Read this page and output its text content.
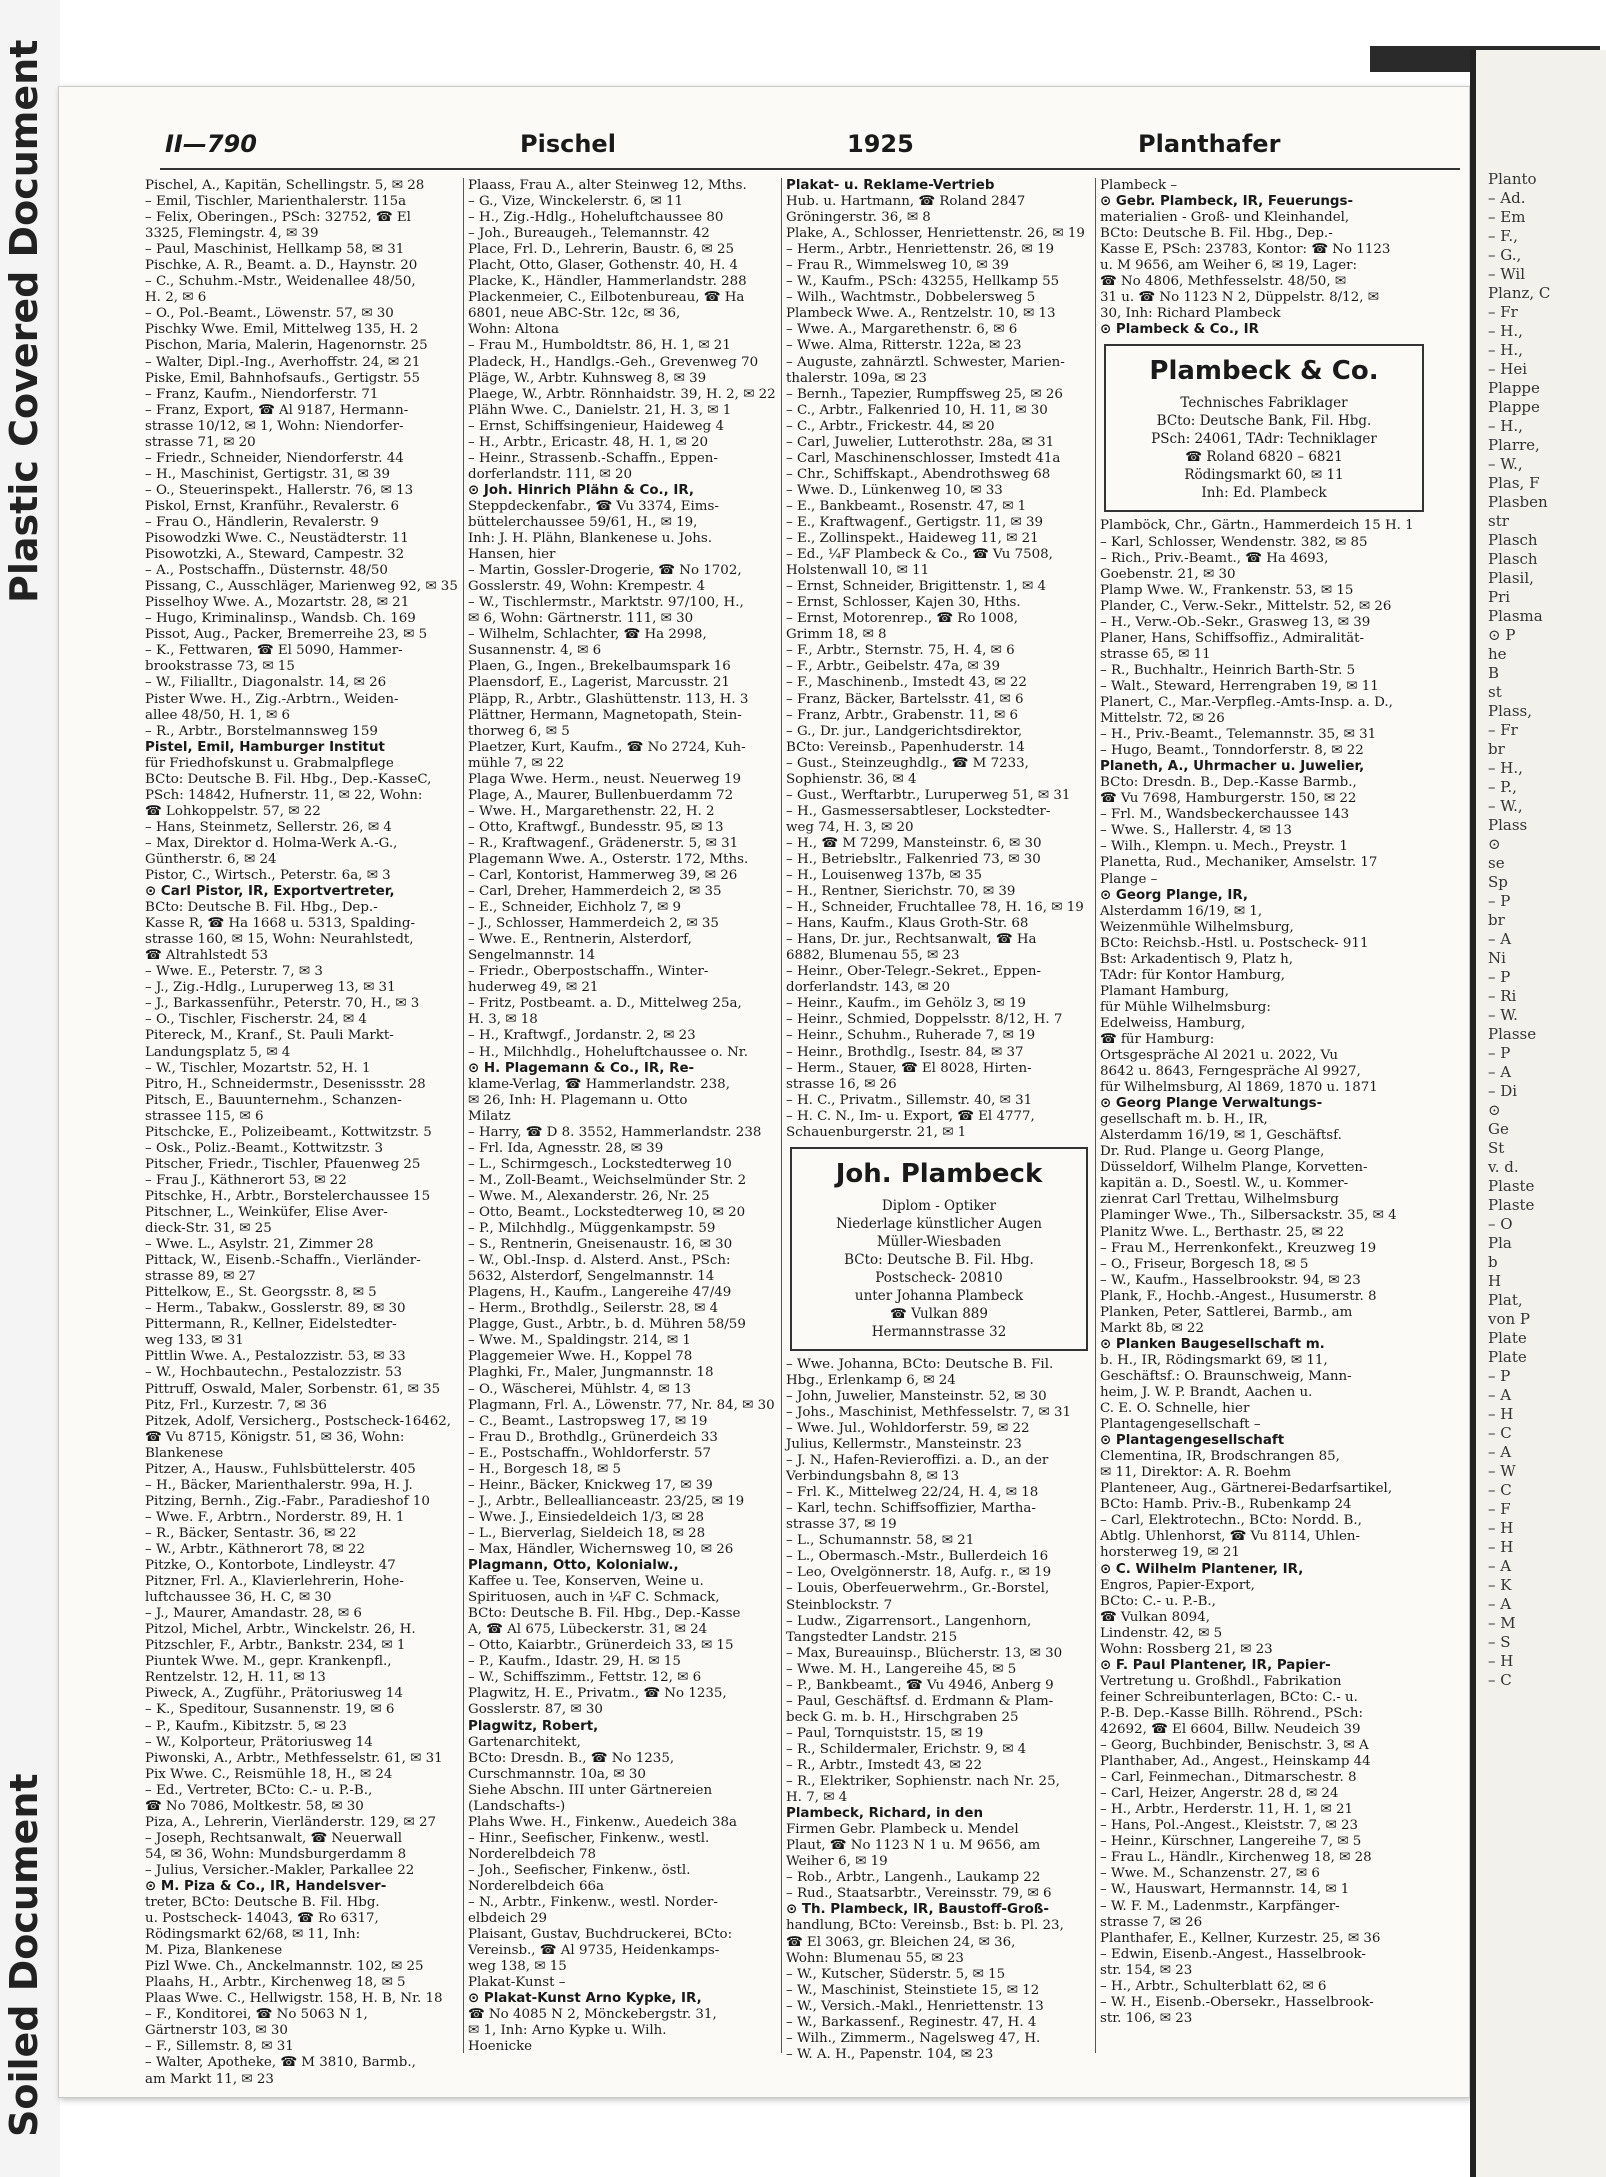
Soiled Document
Plastic Covered Document	Planto
– Ad.
– Em
– F.,
– G.,
– Wil
Planz, C
– Fr
– H.,
– H.,
– Hei
Plappe
Plappe
– H.,
Plarre,
– W.,
Plas, F
Plasben
str
Plasch
Plasch
Plasil,
Pri
Plasma
⊙ P
he
B
st
Plass,
– Fr
br
– H.,
– P.,
– W.,
Plass
⊙
se
Sp
– P
br
– A
Ni
– P
– Ri
– W.
Plasse
– P
– A
– Di
⊙
Ge
St
v. d.
Plaste
Plaste
– O
Pla
b
H
Plat,
von P
Plate
Plate
– P
– A
– H
– C
– A
– W
– C
– F
– H
– H
– A
– K
– A
– M
– S
– H
– C
II—790	Pischel	1925	Planthafer
Pischel, A., Kapitän, Schellingstr. 5, ✉ 28
– Emil, Tischler, Marienthalerstr. 115a
– Felix, Oberingen., PSch: 32752, ☎ El
3325, Flemingstr. 4, ✉ 39
– Paul, Maschinist, Hellkamp 58, ✉ 31
Pischke, A. R., Beamt. a. D., Haynstr. 20
– C., Schuhm.-Mstr., Weidenallee 48/50,
H. 2, ✉ 6
– O., Pol.-Beamt., Löwenstr. 57, ✉ 30
Pischky Wwe. Emil, Mittelweg 135, H. 2
Pischon, Maria, Malerin, Hagenornstr. 25
– Walter, Dipl.-Ing., Averhoffstr. 24, ✉ 21
Piske, Emil, Bahnhofsaufs., Gertigstr. 55
– Franz, Kaufm., Niendorferstr. 71
– Franz, Export, ☎ Al 9187, Hermann-
strasse 10/12, ✉ 1, Wohn: Niendorfer-
strasse 71, ✉ 20
– Friedr., Schneider, Niendorferstr. 44
– H., Maschinist, Gertigstr. 31, ✉ 39
– O., Steuerinspekt., Hallerstr. 76, ✉ 13
Piskol, Ernst, Kranführ., Revalerstr. 6
– Frau O., Händlerin, Revalerstr. 9
Pisowodzki Wwe. C., Neustädterstr. 11
Pisowotzki, A., Steward, Campestr. 32
– A., Postschaffn., Düsternstr. 48/50
Pissang, C., Ausschläger, Marienweg 92, ✉ 35
Pisselhoy Wwe. A., Mozartstr. 28, ✉ 21
– Hugo, Kriminalinsp., Wandsb. Ch. 169
Pissot, Aug., Packer, Bremerreihe 23, ✉ 5
– K., Fettwaren, ☎ El 5090, Hammer-
brookstrasse 73, ✉ 15
– W., Filialltr., Diagonalstr. 14, ✉ 26
Pister Wwe. H., Zig.-Arbtrn., Weiden-
allee 48/50, H. 1, ✉ 6
– R., Arbtr., Borstelmannsweg 159
Pistel, Emil, Hamburger Institut
für Friedhofskunst u. Grabmalpflege
BCto: Deutsche B. Fil. Hbg., Dep.-KasseC,
PSch: 14842, Hufnerstr. 11, ✉ 22, Wohn:
☎ Lohkoppelstr. 57, ✉ 22
– Hans, Steinmetz, Sellerstr. 26, ✉ 4
– Max, Direktor d. Holma-Werk A.-G.,
Güntherstr. 6, ✉ 24
Pistor, C., Wirtsch., Peterstr. 6a, ✉ 3
⊙ Carl Pistor, IR, Exportvertreter,
BCto: Deutsche B. Fil. Hbg., Dep.-
Kasse R, ☎ Ha 1668 u. 5313, Spalding-
strasse 160, ✉ 15, Wohn: Neurahlstedt,
☎ Altrahlstedt 53
– Wwe. E., Peterstr. 7, ✉ 3
– J., Zig.-Hdlg., Luruperweg 13, ✉ 31
– J., Barkassenführ., Peterstr. 70, H., ✉ 3
– O., Tischler, Fischerstr. 24, ✉ 4
Pitereck, M., Kranf., St. Pauli Markt-
Landungsplatz 5, ✉ 4
– W., Tischler, Mozartstr. 52, H. 1
Pitro, H., Schneidermstr., Desenissstr. 28
Pitsch, E., Bauunternehm., Schanzen-
strassee 115, ✉ 6
Pitschcke, E., Polizeibeamt., Kottwitzstr. 5
– Osk., Poliz.-Beamt., Kottwitzstr. 3
Pitscher, Friedr., Tischler, Pfauenweg 25
– Frau J., Käthnerort 53, ✉ 22
Pitschke, H., Arbtr., Borstelerchaussee 15
Pitschner, L., Weinküfer, Elise Aver-
dieck-Str. 31, ✉ 25
– Wwe. L., Asylstr. 21, Zimmer 28
Pittack, W., Eisenb.-Schaffn., Vierländer-
strasse 89, ✉ 27
Pittelkow, E., St. Georgsstr. 8, ✉ 5
– Herm., Tabakw., Gosslerstr. 89, ✉ 30
Pittermann, R., Kellner, Eidelstedter-
weg 133, ✉ 31
Pittlin Wwe. A., Pestalozzistr. 53, ✉ 33
– W., Hochbautechn., Pestalozzistr. 53
Pittruff, Oswald, Maler, Sorbenstr. 61, ✉ 35
Pitz, Frl., Kurzestr. 7, ✉ 36
Pitzek, Adolf, Versicherg., Postscheck-16462,
☎ Vu 8715, Königstr. 51, ✉ 36, Wohn:
Blankenese
Pitzer, A., Hausw., Fuhlsbüttelerstr. 405
– H., Bäcker, Marienthalerstr. 99a, H. J.
Pitzing, Bernh., Zig.-Fabr., Paradieshof 10
– Wwe. F., Arbtrn., Norderstr. 89, H. 1
– R., Bäcker, Sentastr. 36, ✉ 22
– W., Arbtr., Käthnerort 78, ✉ 22
Pitzke, O., Kontorbote, Lindleystr. 47
Pitzner, Frl. A., Klavierlehrerin, Hohe-
luftchaussee 36, H. C, ✉ 30
– J., Maurer, Amandastr. 28, ✉ 6
Pitzol, Michel, Arbtr., Winckelstr. 26, H.
Pitzschler, F., Arbtr., Bankstr. 234, ✉ 1
Piuntek Wwe. M., gepr. Krankenpfl.,
Rentzelstr. 12, H. 11, ✉ 13
Piweck, A., Zugführ., Prätoriusweg 14
– K., Speditour, Susannenstr. 19, ✉ 6
– P., Kaufm., Kibitzstr. 5, ✉ 23
– W., Kolporteur, Prätoriusweg 14
Piwonski, A., Arbtr., Methfesselstr. 61, ✉ 31
Pix Wwe. C., Reismühle 18, H., ✉ 24
– Ed., Vertreter, BCto: C.- u. P.-B.,
☎ No 7086, Moltkestr. 58, ✉ 30
Piza, A., Lehrerin, Vierländerstr. 129, ✉ 27
– Joseph, Rechtsanwalt, ☎ Neuerwall
54, ✉ 36, Wohn: Mundsburgerdamm 8
– Julius, Versicher.-Makler, Parkallee 22
⊙ M. Piza & Co., IR, Handelsver-
treter, BCto: Deutsche B. Fil. Hbg.
u. Postscheck- 14043, ☎ Ro 6317,
Rödingsmarkt 62/68, ✉ 11, Inh:
M. Piza, Blankenese
Pizl Wwe. Ch., Anckelmannstr. 102, ✉ 25
Plaahs, H., Arbtr., Kirchenweg 18, ✉ 5
Plaas Wwe. C., Hellwigstr. 158, H. B, Nr. 18
– F., Konditorei, ☎ No 5063 N 1,
Gärtnerstr 103, ✉ 30
– F., Sillemstr. 8, ✉ 31
– Walter, Apotheke, ☎ M 3810, Barmb.,
am Markt 11, ✉ 23
Plaass, Frau A., alter Steinweg 12, Mths.
– G., Vize, Winckelerstr. 6, ✉ 11
– H., Zig.-Hdlg., Hoheluftchaussee 80
– Joh., Bureaugeh., Telemannstr. 42
Place, Frl. D., Lehrerin, Baustr. 6, ✉ 25
Placht, Otto, Glaser, Gothenstr. 40, H. 4
Placke, K., Händler, Hammerlandstr. 288
Plackenmeier, C., Eilbotenbureau, ☎ Ha
6801, neue ABC-Str. 12c, ✉ 36,
Wohn: Altona
– Frau M., Humboldtstr. 86, H. 1, ✉ 21
Pladeck, H., Handlgs.-Geh., Grevenweg 70
Pläge, W., Arbtr. Kuhnsweg 8, ✉ 39
Plaege, W., Arbtr. Rönnhaidstr. 39, H. 2, ✉ 22
Plähn Wwe. C., Danielstr. 21, H. 3, ✉ 1
– Ernst, Schiffsingenieur, Haideweg 4
– H., Arbtr., Ericastr. 48, H. 1, ✉ 20
– Heinr., Strassenb.-Schaffn., Eppen-
dorferlandstr. 111, ✉ 20
⊙ Joh. Hinrich Plähn & Co., IR,
Steppdeckenfabr., ☎ Vu 3374, Eims-
büttelerchaussee 59/61, H., ✉ 19,
Inh: J. H. Plähn, Blankenese u. Johs.
Hansen, hier
– Martin, Gossler-Drogerie, ☎ No 1702,
Gosslerstr. 49, Wohn: Krempestr. 4
– W., Tischlermstr., Marktstr. 97/100, H.,
✉ 6, Wohn: Gärtnerstr. 111, ✉ 30
– Wilhelm, Schlachter, ☎ Ha 2998,
Susannenstr. 4, ✉ 6
Plaen, G., Ingen., Brekelbaumspark 16
Plaensdorf, E., Lagerist, Marcusstr. 21
Pläpp, R., Arbtr., Glashüttenstr. 113, H. 3
Plättner, Hermann, Magnetopath, Stein-
thorweg 6, ✉ 5
Plaetzer, Kurt, Kaufm., ☎ No 2724, Kuh-
mühle 7, ✉ 22
Plaga Wwe. Herm., neust. Neuerweg 19
Plage, A., Maurer, Bullenbuerdamm 72
– Wwe. H., Margarethenstr. 22, H. 2
– Otto, Kraftwgf., Bundesstr. 95, ✉ 13
– R., Kraftwagenf., Grädenerstr. 5, ✉ 31
Plagemann Wwe. A., Osterstr. 172, Mths.
– Carl, Kontorist, Hammerweg 39, ✉ 26
– Carl, Dreher, Hammerdeich 2, ✉ 35
– E., Schneider, Eichholz 7, ✉ 9
– J., Schlosser, Hammerdeich 2, ✉ 35
– Wwe. E., Rentnerin, Alsterdorf,
Sengelmannstr. 14
– Friedr., Oberpostschaffn., Winter-
huderweg 49, ✉ 21
– Fritz, Postbeamt. a. D., Mittelweg 25a,
H. 3, ✉ 18
– H., Kraftwgf., Jordanstr. 2, ✉ 23
– H., Milchhdlg., Hoheluftchaussee o. Nr.
⊙ H. Plagemann & Co., IR, Re-
klame-Verlag, ☎ Hammerlandstr. 238,
✉ 26, Inh: H. Plagemann u. Otto
Milatz
– Harry, ☎ D 8. 3552, Hammerlandstr. 238
– Frl. Ida, Agnesstr. 28, ✉ 39
– L., Schirmgesch., Lockstedterweg 10
– M., Zoll-Beamt., Weichselmünder Str. 2
– Wwe. M., Alexanderstr. 26, Nr. 25
– Otto, Beamt., Lockstedterweg 10, ✉ 20
– P., Milchhdlg., Müggenkampstr. 59
– S., Rentnerin, Gneisenaustr. 16, ✉ 30
– W., Obl.-Insp. d. Alsterd. Anst., PSch:
5632, Alsterdorf, Sengelmannstr. 14
Plagens, H., Kaufm., Langereihe 47/49
– Herm., Brothdlg., Seilerstr. 28, ✉ 4
Plagge, Gust., Arbtr., b. d. Mühren 58/59
– Wwe. M., Spaldingstr. 214, ✉ 1
Plaggemeier Wwe. H., Koppel 78
Plaghki, Fr., Maler, Jungmannstr. 18
– O., Wäscherei, Mühlstr. 4, ✉ 13
Plagmann, Frl. A., Löwenstr. 77, Nr. 84, ✉ 30
– C., Beamt., Lastropsweg 17, ✉ 19
– Frau D., Brothdlg., Grünerdeich 33
– E., Postschaffn., Wohldorferstr. 57
– H., Borgesch 18, ✉ 5
– Heinr., Bäcker, Knickweg 17, ✉ 39
– J., Arbtr., Belleallianceastr. 23/25, ✉ 19
– Wwe. J., Einsiedeldeich 1/3, ✉ 28
– L., Bierverlag, Sieldeich 18, ✉ 28
– Max, Händler, Wichernsweg 10, ✉ 26
Plagmann, Otto, Kolonialw.,
Kaffee u. Tee, Konserven, Weine u.
Spirituosen, auch in ¼F C. Schmack,
BCto: Deutsche B. Fil. Hbg., Dep.-Kasse
A, ☎ Al 675, Lübeckerstr. 31, ✉ 24
– Otto, Kaiarbtr., Grünerdeich 33, ✉ 15
– P., Kaufm., Idastr. 29, H. ✉ 15
– W., Schiffszimm., Fettstr. 12, ✉ 6
Plagwitz, H. E., Privatm., ☎ No 1235,
Gosslerstr. 87, ✉ 30
Plagwitz, Robert,
Gartenarchitekt,
BCto: Dresdn. B., ☎ No 1235,
Curschmannstr. 10a, ✉ 30
Siehe Abschn. III unter Gärtnereien
(Landschafts-)
Plahs Wwe. H., Finkenw., Auedeich 38a
– Hinr., Seefischer, Finkenw., westl.
Norderelbdeich 78
– Joh., Seefischer, Finkenw., östl.
Norderelbdeich 66a
– N., Arbtr., Finkenw., westl. Norder-
elbdeich 29
Plaisant, Gustav, Buchdruckerei, BCto:
Vereinsb., ☎ Al 9735, Heidenkamps-
weg 138, ✉ 15
Plakat-Kunst –
⊙ Plakat-Kunst Arno Kypke, IR,
☎ No 4085 N 2, Mönckebergstr. 31,
✉ 1, Inh: Arno Kypke u. Wilh.
Hoenicke
Plakat- u. Reklame-Vertrieb
Hub. u. Hartmann, ☎ Roland 2847
Gröningerstr. 36, ✉ 8
Plake, A., Schlosser, Henriettenstr. 26, ✉ 19
– Herm., Arbtr., Henriettenstr. 26, ✉ 19
– Frau R., Wimmelsweg 10, ✉ 39
– W., Kaufm., PSch: 43255, Hellkamp 55
– Wilh., Wachtmstr., Dobbelersweg 5
Plambeck Wwe. A., Rentzelstr. 10, ✉ 13
– Wwe. A., Margarethenstr. 6, ✉ 6
– Wwe. Alma, Ritterstr. 122a, ✉ 23
– Auguste, zahnärztl. Schwester, Marien-
thalerstr. 109a, ✉ 23
– Bernh., Tapezier, Rumpffsweg 25, ✉ 26
– C., Arbtr., Falkenried 10, H. 11, ✉ 30
– C., Arbtr., Frickestr. 44, ✉ 20
– Carl, Juwelier, Lutterothstr. 28a, ✉ 31
– Carl, Maschinenschlosser, Imstedt 41a
– Chr., Schiffskapt., Abendrothsweg 68
– Wwe. D., Lünkenweg 10, ✉ 33
– E., Bankbeamt., Rosenstr. 47, ✉ 1
– E., Kraftwagenf., Gertigstr. 11, ✉ 39
– E., Zollinspekt., Haideweg 11, ✉ 21
– Ed., ¼F Plambeck & Co., ☎ Vu 7508,
Holstenwall 10, ✉ 11
– Ernst, Schneider, Brigittenstr. 1, ✉ 4
– Ernst, Schlosser, Kajen 30, Hths.
– Ernst, Motorenrep., ☎ Ro 1008,
Grimm 18, ✉ 8
– F., Arbtr., Sternstr. 75, H. 4, ✉ 6
– F., Arbtr., Geibelstr. 47a, ✉ 39
– F., Maschinenb., Imstedt 43, ✉ 22
– Franz, Bäcker, Bartelsstr. 41, ✉ 6
– Franz, Arbtr., Grabenstr. 11, ✉ 6
– G., Dr. jur., Landgerichtsdirektor,
BCto: Vereinsb., Papenhuderstr. 14
– Gust., Steinzeughdlg., ☎ M 7233,
Sophienstr. 36, ✉ 4
– Gust., Werftarbtr., Luruperweg 51, ✉ 31
– H., Gasmessersabtleser, Lockstedter-
weg 74, H. 3, ✉ 20
– H., ☎ M 7299, Mansteinstr. 6, ✉ 30
– H., Betriebsltr., Falkenried 73, ✉ 30
– H., Louisenweg 137b, ✉ 35
– H., Rentner, Sierichstr. 70, ✉ 39
– H., Schneider, Fruchtallee 78, H. 16, ✉ 19
– Hans, Kaufm., Klaus Groth-Str. 68
– Hans, Dr. jur., Rechtsanwalt, ☎ Ha
6882, Blumenau 55, ✉ 23
– Heinr., Ober-Telegr.-Sekret., Eppen-
dorferlandstr. 143, ✉ 20
– Heinr., Kaufm., im Gehölz 3, ✉ 19
– Heinr., Schmied, Doppelsstr. 8/12, H. 7
– Heinr., Schuhm., Ruherade 7, ✉ 19
– Heinr., Brothdlg., Isestr. 84, ✉ 37
– Herm., Stauer, ☎ El 8028, Hirten-
strasse 16, ✉ 26
– H. C., Privatm., Sillemstr. 40, ✉ 31
– H. C. N., Im- u. Export, ☎ El 4777,
Schauenburgerstr. 21, ✉ 1
Joh. Plambeck
Diplom - Optiker
Niederlage künstlicher Augen
Müller-Wiesbaden
BCto: Deutsche B. Fil. Hbg.
Postscheck- 20810
unter Johanna Plambeck
☎ Vulkan 889
Hermannstrasse 32
– Wwe. Johanna, BCto: Deutsche B. Fil.
Hbg., Erlenkamp 6, ✉ 24
– John, Juwelier, Mansteinstr. 52, ✉ 30
– Johs., Maschinist, Methfesselstr. 7, ✉ 31
– Wwe. Jul., Wohldorferstr. 59, ✉ 22
Julius, Kellermstr., Mansteinstr. 23
– J. N., Hafen-Revieroffizi. a. D., an der
Verbindungsbahn 8, ✉ 13
– Frl. K., Mittelweg 22/24, H. 4, ✉ 18
– Karl, techn. Schiffsoffizier, Martha-
strasse 37, ✉ 19
– L., Schumannstr. 58, ✉ 21
– L., Obermasch.-Mstr., Bullerdeich 16
– Leo, Ovelgönnerstr. 18, Aufg. r., ✉ 19
– Louis, Oberfeuerwehrm., Gr.-Borstel,
Steinblockstr. 7
– Ludw., Zigarrensort., Langenhorn,
Tangstedter Landstr. 215
– Max, Bureauinsp., Blücherstr. 13, ✉ 30
– Wwe. M. H., Langereihe 45, ✉ 5
– P., Bankbeamt., ☎ Vu 4946, Anberg 9
– Paul, Geschäftsf. d. Erdmann & Plam-
beck G. m. b. H., Hirschgraben 25
– Paul, Tornquiststr. 15, ✉ 19
– R., Schildermaler, Erichstr. 9, ✉ 4
– R., Arbtr., Imstedt 43, ✉ 22
– R., Elektriker, Sophienstr. nach Nr. 25,
H. 7, ✉ 4
Plambeck, Richard, in den
Firmen Gebr. Plambeck u. Mendel
Plaut, ☎ No 1123 N 1 u. M 9656, am
Weiher 6, ✉ 19
– Rob., Arbtr., Langenh., Laukamp 22
– Rud., Staatsarbtr., Vereinsstr. 79, ✉ 6
⊙ Th. Plambeck, IR, Baustoff-Groß-
handlung, BCto: Vereinsb., Bst: b. Pl. 23,
☎ El 3063, gr. Bleichen 24, ✉ 36,
Wohn: Blumenau 55, ✉ 23
– W., Kutscher, Süderstr. 5, ✉ 15
– W., Maschinist, Steinstiete 15, ✉ 12
– W., Versich.-Makl., Henriettenstr. 13
– W., Barkassenf., Reginestr. 47, H. 4
– Wilh., Zimmerm., Nagelsweg 47, H.
– W. A. H., Papenstr. 104, ✉ 23
Plambeck –
⊙ Gebr. Plambeck, IR, Feuerungs-
materialien - Groß- und Kleinhandel,
BCto: Deutsche B. Fil. Hbg., Dep.-
Kasse E, PSch: 23783, Kontor: ☎ No 1123
u. M 9656, am Weiher 6, ✉ 19, Lager:
☎ No 4806, Methfesselstr. 48/50, ✉
31 u. ☎ No 1123 N 2, Düppelstr. 8/12, ✉
30, Inh: Richard Plambeck
⊙ Plambeck & Co., IR
Plambeck & Co.
Technisches Fabriklager
BCto: Deutsche Bank, Fil. Hbg.
PSch: 24061, TAdr: Techniklager
☎ Roland 6820 – 6821
Rödingsmarkt 60, ✉ 11
Inh: Ed. Plambeck
Plamböck, Chr., Gärtn., Hammerdeich 15 H. 1
– Karl, Schlosser, Wendenstr. 382, ✉ 85
– Rich., Priv.-Beamt., ☎ Ha 4693,
Goebenstr. 21, ✉ 30
Plamp Wwe. W., Frankenstr. 53, ✉ 15
Plander, C., Verw.-Sekr., Mittelstr. 52, ✉ 26
– H., Verw.-Ob.-Sekr., Grasweg 13, ✉ 39
Planer, Hans, Schiffsoffiz., Admiralität-
strasse 65, ✉ 11
– R., Buchhaltr., Heinrich Barth-Str. 5
– Walt., Steward, Herrengraben 19, ✉ 11
Planert, C., Mar.-Verpfleg.-Amts-Insp. a. D.,
Mittelstr. 72, ✉ 26
– H., Priv.-Beamt., Telemannstr. 35, ✉ 31
– Hugo, Beamt., Tonndorferstr. 8, ✉ 22
Planeth, A., Uhrmacher u. Juwelier,
BCto: Dresdn. B., Dep.-Kasse Barmb.,
☎ Vu 7698, Hamburgerstr. 150, ✉ 22
– Frl. M., Wandsbeckerchaussee 143
– Wwe. S., Hallerstr. 4, ✉ 13
– Wilh., Klempn. u. Mech., Preystr. 1
Planetta, Rud., Mechaniker, Amselstr. 17
Plange –
⊙ Georg Plange, IR,
Alsterdamm 16/19, ✉ 1,
Weizenmühle Wilhelmsburg,
BCto: Reichsb.-Hstl. u. Postscheck- 911
Bst: Arkadentisch 9, Platz h,
TAdr: für Kontor Hamburg,
Plamant Hamburg,
für Mühle Wilhelmsburg:
Edelweiss, Hamburg,
☎ für Hamburg:
Ortsgespräche Al 2021 u. 2022, Vu
8642 u. 8643, Ferngespräche Al 9927,
für Wilhelmsburg, Al 1869, 1870 u. 1871
⊙ Georg Plange Verwaltungs-
gesellschaft m. b. H., IR,
Alsterdamm 16/19, ✉ 1, Geschäftsf.
Dr. Rud. Plange u. Georg Plange,
Düsseldorf, Wilhelm Plange, Korvetten-
kapitän a. D., Soestl. W., u. Kommer-
zienrat Carl Trettau, Wilhelmsburg
Plaminger Wwe., Th., Silbersackstr. 35, ✉ 4
Planitz Wwe. L., Berthastr. 25, ✉ 22
– Frau M., Herrenkonfekt., Kreuzweg 19
– O., Friseur, Borgesch 18, ✉ 5
– W., Kaufm., Hasselbrookstr. 94, ✉ 23
Plank, F., Hochb.-Angest., Husumerstr. 8
Planken, Peter, Sattlerei, Barmb., am
Markt 8b, ✉ 22
⊙ Planken Baugesellschaft m.
b. H., IR, Rödingsmarkt 69, ✉ 11,
Geschäftsf.: O. Braunschweig, Mann-
heim, J. W. P. Brandt, Aachen u.
C. E. O. Schnelle, hier
Plantagengesellschaft –
⊙ Plantagengesellschaft
Clementina, IR, Brodschrangen 85,
✉ 11, Direktor: A. R. Boehm
Planteneer, Aug., Gärtnerei-Bedarfsartikel,
BCto: Hamb. Priv.-B., Rubenkamp 24
– Carl, Elektrotechn., BCto: Nordd. B.,
Abtlg. Uhlenhorst, ☎ Vu 8114, Uhlen-
horsterweg 19, ✉ 21
⊙ C. Wilhelm Plantener, IR,
Engros, Papier-Export,
BCto: C.- u. P.-B.,
☎ Vulkan 8094,
Lindenstr. 42, ✉ 5
Wohn: Rossberg 21, ✉ 23
⊙ F. Paul Plantener, IR, Papier-
Vertretung u. Großhdl., Fabrikation
feiner Schreibunterlagen, BCto: C.- u.
P.-B. Dep.-Kasse Billh. Röhrend., PSch:
42692, ☎ El 6604, Billw. Neudeich 39
– Georg, Buchbinder, Benischstr. 3, ✉ A
Planthaber, Ad., Angest., Heinskamp 44
– Carl, Feinmechan., Ditmarschestr. 8
– Carl, Heizer, Angerstr. 28 d, ✉ 24
– H., Arbtr., Herderstr. 11, H. 1, ✉ 21
– Hans, Pol.-Angest., Kleiststr. 7, ✉ 23
– Heinr., Kürschner, Langereihe 7, ✉ 5
– Frau L., Händlr., Kirchenweg 18, ✉ 28
– Wwe. M., Schanzenstr. 27, ✉ 6
– W., Hauswart, Hermannstr. 14, ✉ 1
– W. F. M., Ladenmstr., Karpfänger-
strasse 7, ✉ 26
Planthafer, E., Kellner, Kurzestr. 25, ✉ 36
– Edwin, Eisenb.-Angest., Hasselbrook-
str. 154, ✉ 23
– H., Arbtr., Schulterblatt 62, ✉ 6
– W. H., Eisenb.-Obersekr., Hasselbrook-
str. 106, ✉ 23
